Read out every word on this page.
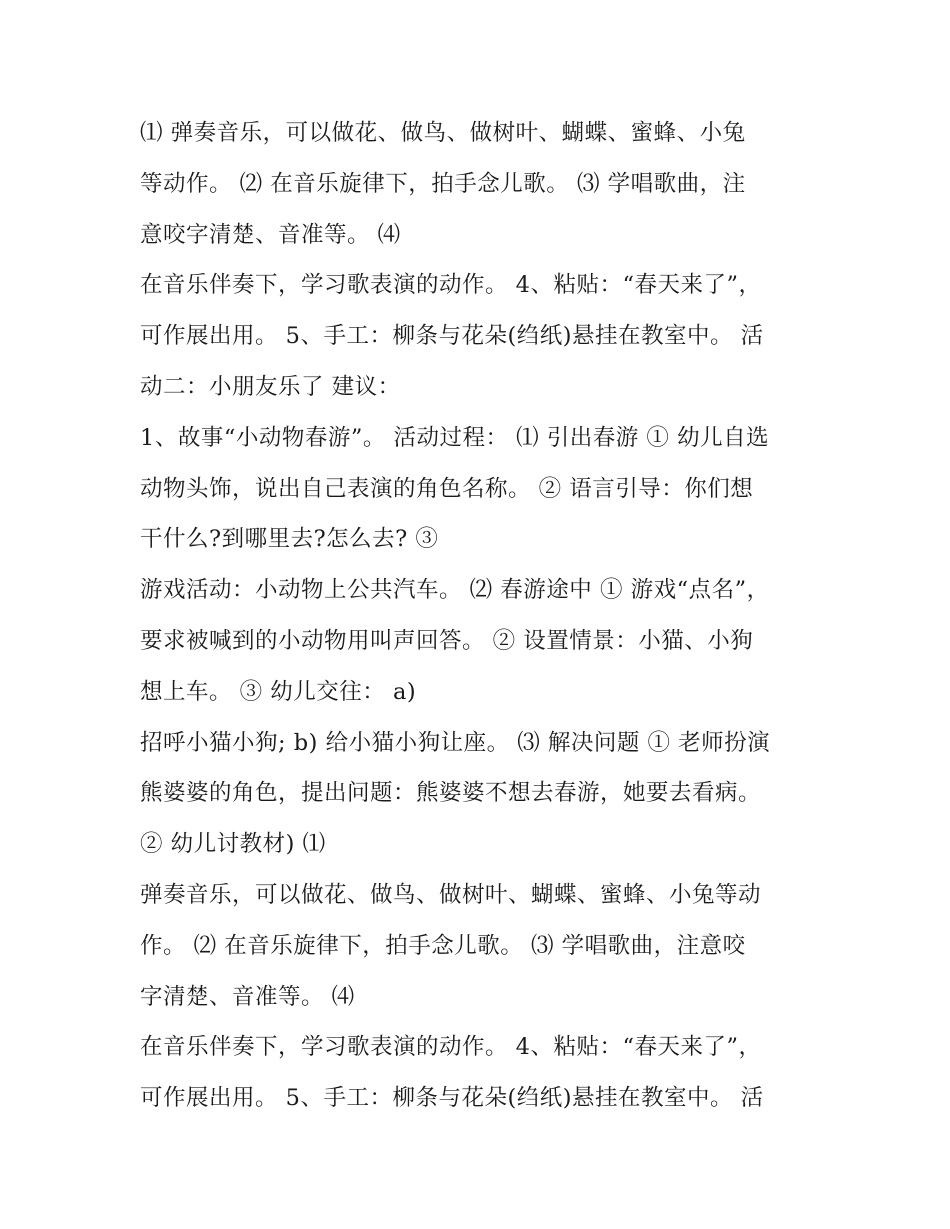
⑴ 弹奏音乐，可以做花、做鸟、做树叶、蝴蝶、蜜蜂、小兔
等动作。 ⑵ 在音乐旋律下，拍手念儿歌。 ⑶ 学唱歌曲，注
意咬字清楚、音准等。 ⑷
在音乐伴奏下，学习歌表演的动作。 4、粘贴：“春天来了”，
可作展出用。 5、手工：柳条与花朵(绉纸)悬挂在教室中。 活
动二：小朋友乐了 建议：
1、故事“小动物春游”。 活动过程： ⑴ 引出春游 ① 幼儿自选
动物头饰，说出自己表演的角色名称。 ② 语言引导：你们想
干什么?到哪里去?怎么去? ③
游戏活动：小动物上公共汽车。 ⑵ 春游途中 ① 游戏“点名”，
要求被喊到的小动物用叫声回答。 ② 设置情景：小猫、小狗
想上车。 ③ 幼儿交往： a)
招呼小猫小狗; b) 给小猫小狗让座。 ⑶ 解决问题 ① 老师扮演
熊婆婆的角色，提出问题：熊婆婆不想去春游，她要去看病。
② 幼儿讨教材) ⑴
弹奏音乐，可以做花、做鸟、做树叶、蝴蝶、蜜蜂、小兔等动
作。 ⑵ 在音乐旋律下，拍手念儿歌。 ⑶ 学唱歌曲，注意咬
字清楚、音准等。 ⑷
在音乐伴奏下，学习歌表演的动作。 4、粘贴：“春天来了”，
可作展出用。 5、手工：柳条与花朵(绉纸)悬挂在教室中。 活
